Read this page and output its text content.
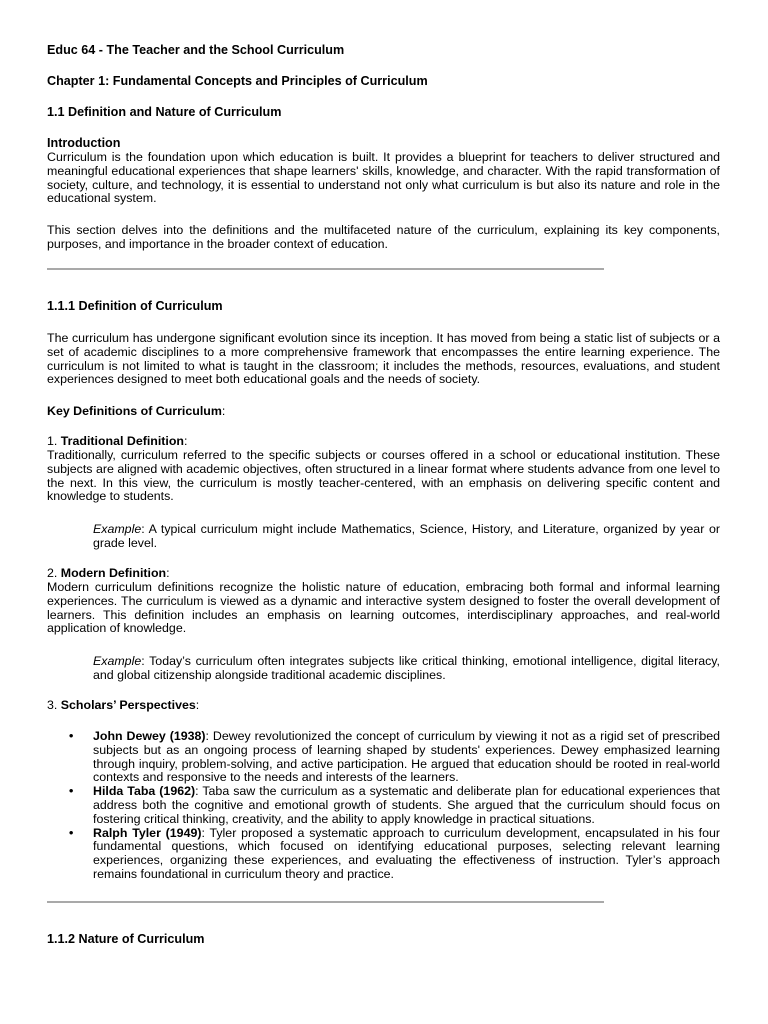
Educ 64 - The Teacher and the School Curriculum

Chapter 1: Fundamental Concepts and Principles of Curriculum

1.1 Definition and Nature of Curriculum

Introduction

Curriculum is the foundation upon which education is built. It provides a blueprint for teachers to deliver structured and meaningful educational experiences that shape learners' skills, knowledge, and character. With the rapid transformation of society, culture, and technology, it is essential to understand not only what curriculum is but also its nature and role in the educational system.

This section delves into the definitions and the multifaceted nature of the curriculum, explaining its key components, purposes, and importance in the broader context of education.

1.1.1 Definition of Curriculum

The curriculum has undergone significant evolution since its inception. It has moved from being a static list of subjects or a set of academic disciplines to a more comprehensive framework that encompasses the entire learning experience. The curriculum is not limited to what is taught in the classroom; it includes the methods, resources, evaluations, and student experiences designed to meet both educational goals and the needs of society.

Key Definitions of Curriculum:

1. Traditional Definition:

Traditionally, curriculum referred to the specific subjects or courses offered in a school or educational institution. These subjects are aligned with academic objectives, often structured in a linear format where students advance from one level to the next. In this view, the curriculum is mostly teacher-centered, with an emphasis on delivering specific content and knowledge to students.

Example: A typical curriculum might include Mathematics, Science, History, and Literature, organized by year or grade level.

2. Modern Definition:

Modern curriculum definitions recognize the holistic nature of education, embracing both formal and informal learning experiences. The curriculum is viewed as a dynamic and interactive system designed to foster the overall development of learners. This definition includes an emphasis on learning outcomes, interdisciplinary approaches, and real-world application of knowledge.

Example: Today’s curriculum often integrates subjects like critical thinking, emotional intelligence, digital literacy, and global citizenship alongside traditional academic disciplines.

3. Scholars’ Perspectives:

• John Dewey (1938): Dewey revolutionized the concept of curriculum by viewing it not as a rigid set of prescribed subjects but as an ongoing process of learning shaped by students' experiences. Dewey emphasized learning through inquiry, problem-solving, and active participation. He argued that education should be rooted in real-world contexts and responsive to the needs and interests of the learners.
• Hilda Taba (1962): Taba saw the curriculum as a systematic and deliberate plan for educational experiences that address both the cognitive and emotional growth of students. She argued that the curriculum should focus on fostering critical thinking, creativity, and the ability to apply knowledge in practical situations.
• Ralph Tyler (1949): Tyler proposed a systematic approach to curriculum development, encapsulated in his four fundamental questions, which focused on identifying educational purposes, selecting relevant learning experiences, organizing these experiences, and evaluating the effectiveness of instruction. Tyler’s approach remains foundational in curriculum theory and practice.

1.1.2 Nature of Curriculum
